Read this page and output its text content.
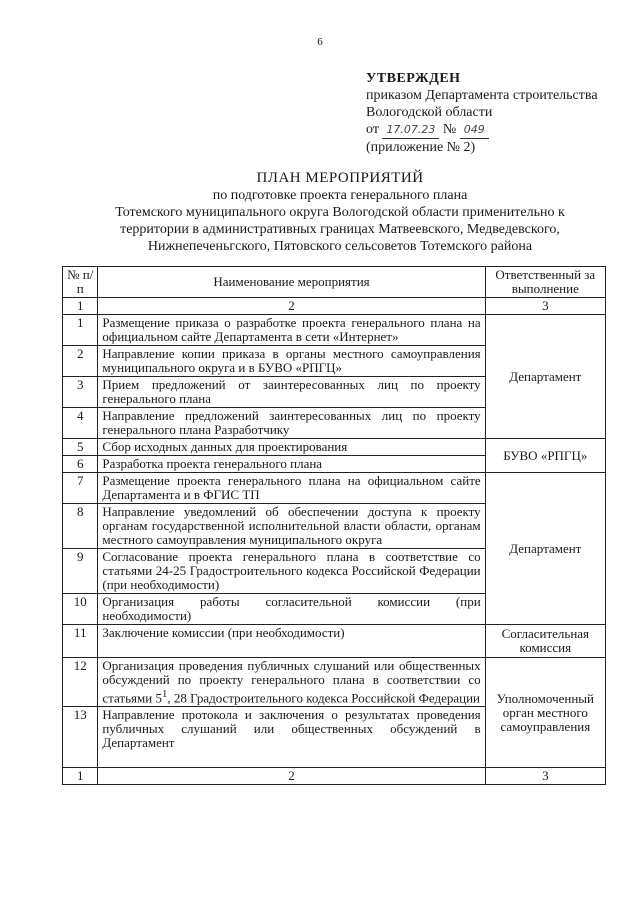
6
УТВЕРЖДЕН
приказом Департамента строительства
Вологодской области
от 17.07.23 № 049
(приложение № 2)
ПЛАН МЕРОПРИЯТИЙ
по подготовке проекта генерального плана
Тотемского муниципального округа Вологодской области применительно к
территории в административных границах Матвеевского, Медведевского,
Нижнепеченьгского, Пятовского сельсоветов Тотемского района
№ п/п	Наименование мероприятия	Ответственный за выполнение
1	2	3
1	Размещение приказа о разработке проекта генерального плана на официальном сайте Департамента в сети «Интернет»	Департамент
2	Направление копии приказа в органы местного самоуправления муниципального округа и в БУВО «РПГЦ»	
3	Прием предложений от заинтересованных лиц по проекту генерального плана	
4	Направление предложений заинтересованных лиц по проекту генерального плана Разработчику	
5	Сбор исходных данных для проектирования	БУВО «РПГЦ»
6	Разработка проекта генерального плана	
7	Размещение проекта генерального плана на официальном сайте Департамента и в ФГИС ТП	Департамент
8	Направление уведомлений об обеспечении доступа к проекту органам государственной исполнительной власти области, органам местного самоуправления муниципального округа	
9	Согласование проекта генерального плана в соответствие со статьями 24-25 Градостроительного кодекса Российской Федерации (при необходимости)	
10	Организация работы согласительной комиссии (при необходимости)	
11	Заключение комиссии (при необходимости)	Согласительная комиссия
12	Организация проведения публичных слушаний или общественных обсуждений по проекту генерального плана в соответствии со статьями $5^1$, 28 Градостроительного кодекса Российской Федерации	Уполномоченный орган местного самоуправления
13	Направление протокола и заключения о результатах проведения публичных слушаний или общественных обсуждений в Департамент	
1	2	3
